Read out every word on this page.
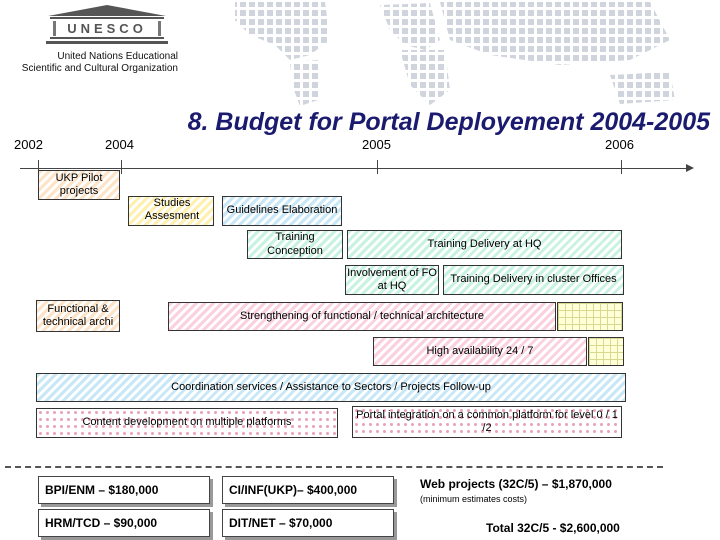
UNESCO
United Nations Educational
Scientific and Cultural Organization
8. Budget for Portal Deployement 2004-2005
2002	2004	2005	2006
UKP Pilot projects
Studies Assesment	Guidelines Elaboration
Training Conception
Training Delivery at HQ
Involvement of FO at HQ
Training Delivery in cluster Offices
Functional & technical archi
Strengthening of functional / technical architecture
High availability 24 / 7
Coordination services / Assistance to Sectors / Projects Follow-up
Content development on multiple platforms
Portal integration on a common platform for level 0 / 1 /2
BPI/ENM – $180,000	CI/INF(UKP)– $400,000	Web projects (32C/5) – $1,870,000
(minimum estimates costs)
HRM/TCD – $90,000	DIT/NET – $70,000	Total 32C/5 - $2,600,000
